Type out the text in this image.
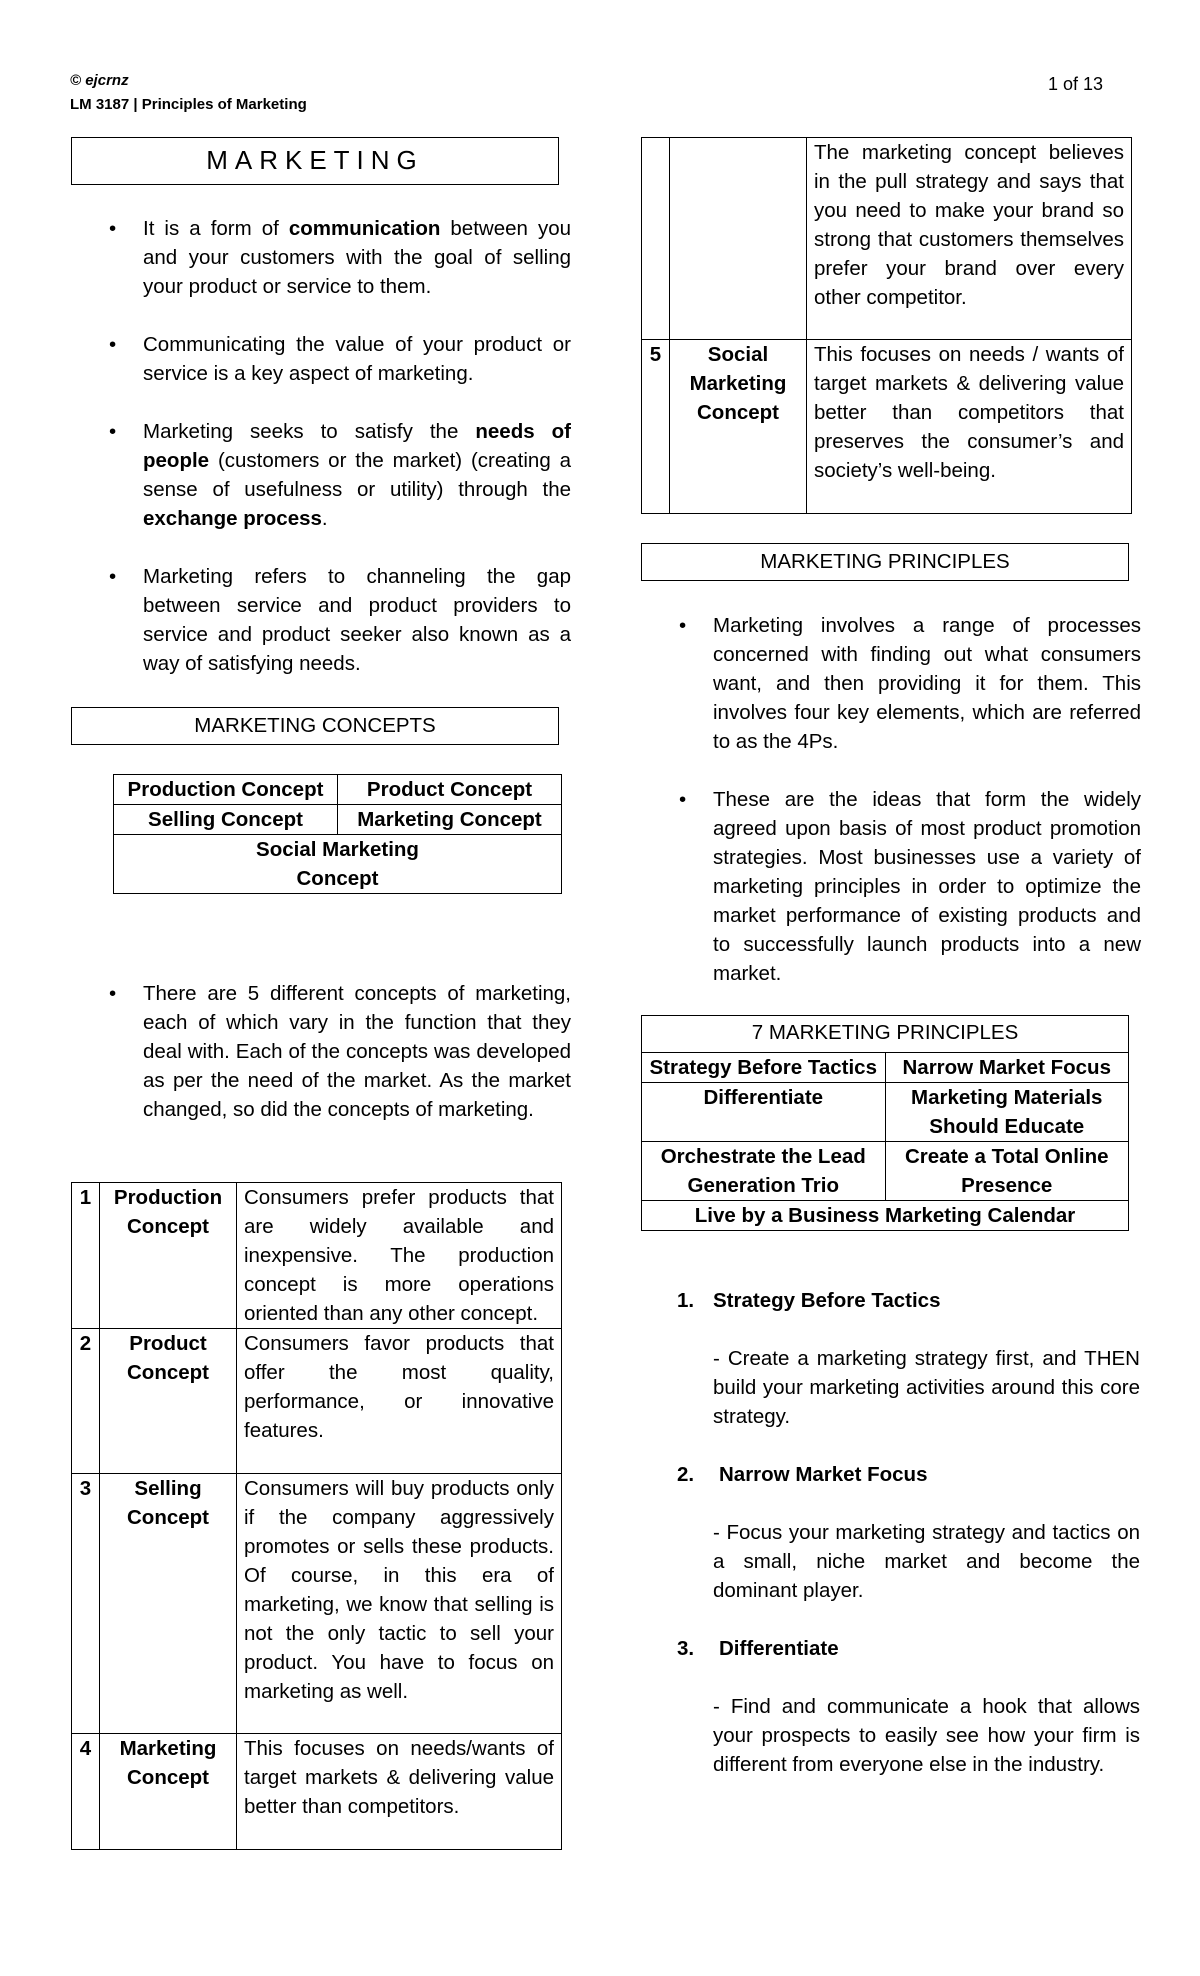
© ejcrnz
LM 3187 | Principles of Marketing
1 of 13
MARKETING
• It is a form of communication between you and your customers with the goal of selling your product or service to them.
• Communicating the value of your product or service is a key aspect of marketing.
• Marketing seeks to satisfy the needs of people (customers or the market) (creating a sense of usefulness or utility) through the exchange process.
• Marketing refers to channeling the gap between service and product providers to service and product seeker also known as a way of satisfying needs.
MARKETING CONCEPTS
Production Concept	Product Concept
Selling Concept	Marketing Concept
Social Marketing Concept	
• There are 5 different concepts of marketing, each of which vary in the function that they deal with. Each of the concepts was developed as per the need of the market. As the market changed, so did the concepts of marketing.
1	Production Concept	Consumers prefer products that are widely available and inexpensive. The production concept is more operations oriented than any other concept.
2	Product Concept	Consumers favor products that offer the most quality, performance, or innovative features.
3	Selling Concept	Consumers will buy products only if the company aggressively promotes or sells these products. Of course, in this era of marketing, we know that selling is not the only tactic to sell your product. You have to focus on marketing as well.
4	Marketing Concept	This focuses on needs/wants of target markets & delivering value better than competitors.
		The marketing concept believes in the pull strategy and says that you need to make your brand so strong that customers themselves prefer your brand over every other competitor.
5	Social Marketing Concept	This focuses on needs / wants of target markets & delivering value better than competitors that preserves the consumer’s and society’s well-being.
MARKETING PRINCIPLES
• Marketing involves a range of processes concerned with finding out what consumers want, and then providing it for them. This involves four key elements, which are referred to as the 4Ps.
• These are the ideas that form the widely agreed upon basis of most product promotion strategies. Most businesses use a variety of marketing principles in order to optimize the market performance of existing products and to successfully launch products into a new market.
7 MARKETING PRINCIPLES	
Strategy Before Tactics	Narrow Market Focus
Differentiate	Marketing Materials Should Educate
Orchestrate the Lead Generation Trio	Create a Total Online Presence
Live by a Business Marketing Calendar	
1. Strategy Before Tactics
- Create a marketing strategy first, and THEN build your marketing activities around this core strategy.
2. Narrow Market Focus
- Focus your marketing strategy and tactics on a small, niche market and become the dominant player.
3. Differentiate
- Find and communicate a hook that allows your prospects to easily see how your firm is different from everyone else in the industry.
